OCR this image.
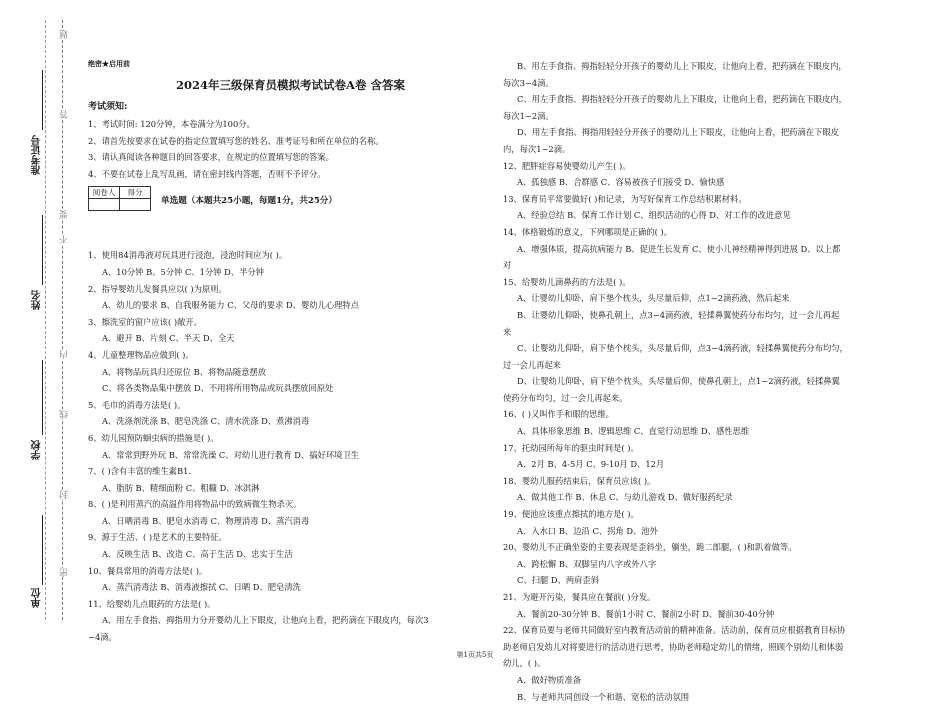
准考证号
姓名
学校
单位
题
答
要
不
内
线
封
密
绝密★启用前
2024年三级保育员模拟考试试卷A卷 含答案
考试须知:
1、考试时间: 120分钟，本卷满分为100分。
2、请首先按要求在试卷的指定位置填写您的姓名、准考证号和所在单位的名称。
3、请认真阅读各种题目的回答要求，在规定的位置填写您的答案。
4、不要在试卷上乱写乱画，请在密封线内答题，否则不予评分。
阅卷人	得分

单选题（本题共25小题，每题1分，共25分）
1、使用84消毒液对玩具进行浸泡，浸泡时间应为( )。
A、10分钟 B、5分钟 C、1分钟 D、半分钟
2、指导婴幼儿发餐具应以( )为原则。
A、幼儿的要求 B、自我服务能力 C、父母的要求 D、婴幼儿心理特点
3、擦洗室的窗户应该( )敞开。
A、避开 B、片刻 C、半天 D、全天
4、儿童整理物品应做到( )。
A、将物品玩具归还原位 B、将物品随意摆放
C、将各类物品集中摆放 D、不用将所用物品或玩具摆放回原处
5、毛巾的消毒方法是( )。
A、洗涤剂洗涤 B、肥皂洗涤 C、清水洗涤 D、煮沸消毒
6、幼儿园预防蛔虫病的措施是( )。
A、常常到野外玩 B、常常洗澡 C、对幼儿进行教育 D、搞好环境卫生
7、( )含有丰富的维生素B1.
A、脂肪 B、精细面粉 C、粗糠 D、冰淇淋
8、( )是利用蒸汽的高温作用将物品中的致病微生物杀灭。
A、日晒消毒 B、肥皂水消毒 C、物理消毒 D、蒸汽消毒
9、源于生活、( )是艺术的主要特征。
A、反映生活 B、改造 C、高于生活 D、忠实于生活
10、餐具常用的消毒方法是( )。
A、蒸汽消毒法 B、消毒液擦拭 C、日晒 D、肥皂清洗
11、给婴幼儿点眼药的方法是( )。
A、用左手食指、拇指用力分开婴幼儿上下眼皮，让他向上看，把药滴在下眼皮内，每次3
~4滴。
B、用左手食指、拇指轻轻分开孩子的婴幼儿上下眼皮，让他向上看，把药滴在下眼皮内，
每次3~4滴。
C、用左手食指、拇指轻轻分开孩子的婴幼儿上下眼皮，让他向上看，把药滴在下眼皮内，
每次1~2滴。
D、用左手食指、拇指用轻轻分开孩子的婴幼儿上下眼皮，让他向上看，把药滴在下眼皮
内，每次1~2滴。
12、肥胖症容易使婴幼儿产生( )。
A、孤独感 B、合群感 C、容易被孩子们接受 D、愉快感
13、保育员平常要做好( )和记录，为写好保育工作总结积累材料。
A、经验总结 B、保育工作计划 C、组织活动的心得 D、对工作的改进意见
14、体格锻炼的意义，下列哪项是正确的( )。
A、增强体质，提高抗病能力 B、促进生长发育 C、使小儿神经精神得到进展 D、以上都
对
15、给婴幼儿滴鼻药的方法是( )。
A、让婴幼儿仰卧，肩下垫个枕头，头尽量后仰，点1~2滴药液，然后起来
B、让婴幼儿仰卧，使鼻孔朝上，点3~4滴药液，轻揉鼻翼使药分布均匀，过一会儿再起
来
C、让婴幼儿仰卧，肩下垫个枕头，头尽量后仰，点3~4滴药液，轻揉鼻翼使药分布均匀，
过一会儿再起来
D、让婴幼儿仰卧，肩下垫个枕头，头尽量后仰，使鼻孔朝上，点1~2滴药液，轻揉鼻翼
使药分布均匀，过一会儿再起来。
16、( )又叫作手和眼的思维。
A、具体形象思维 B、逻辑思维 C、直觉行动思维 D、感性思维
17、托幼园所每年的驱虫时间是( )。
A、2月 B、4-5月 C、9-10月 D、12月
18、婴幼儿服药结束后，保育员应该( )。
A、做其他工作 B、休息 C、与幼儿游戏 D、做好服药纪录
19、便池应该重点擦拭的地方是( )。
A、入水口 B、边沿 C、拐角 D、池外
20、婴幼儿不正确坐姿的主要表现是歪斜坐，躺坐，跪二郎腿，( )和趴着做等。
A、跨松懈 B、双脚呈内八字或外八字
C、扫腿 D、两肩歪斜
21、为避开污染，餐具应在餐前( )分发。
A、餐前20-30分钟 B、餐前1小时 C、餐前2小时 D、餐前30-40分钟
22、保育员要与老师共同做好室内教育活动前的精神准备。活动前，保育员应根据教育目标协
助老师启发幼儿对将要进行的活动进行思考，协助老师稳定幼儿的情绪，照顾个别幼儿和体弱
幼儿，( )。
A、做好物质准备
B、与老师共同创设一个和谐、宽松的活动氛围
第1页共5页
